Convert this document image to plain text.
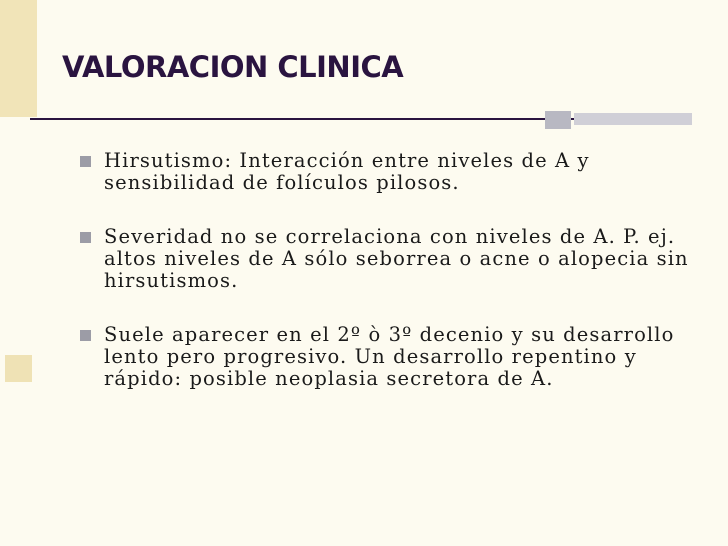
VALORACION CLINICA
Hirsutismo: Interacción entre niveles de A y sensibilidad de folículos pilosos.
Severidad no se correlaciona con niveles de A. P. ej. altos niveles de A sólo seborrea o acne o alopecia sin hirsutismos.
Suele aparecer en el 2º ò 3º decenio y su desarrollo lento pero progresivo. Un desarrollo repentino y rápido: posible neoplasia secretora de A.
